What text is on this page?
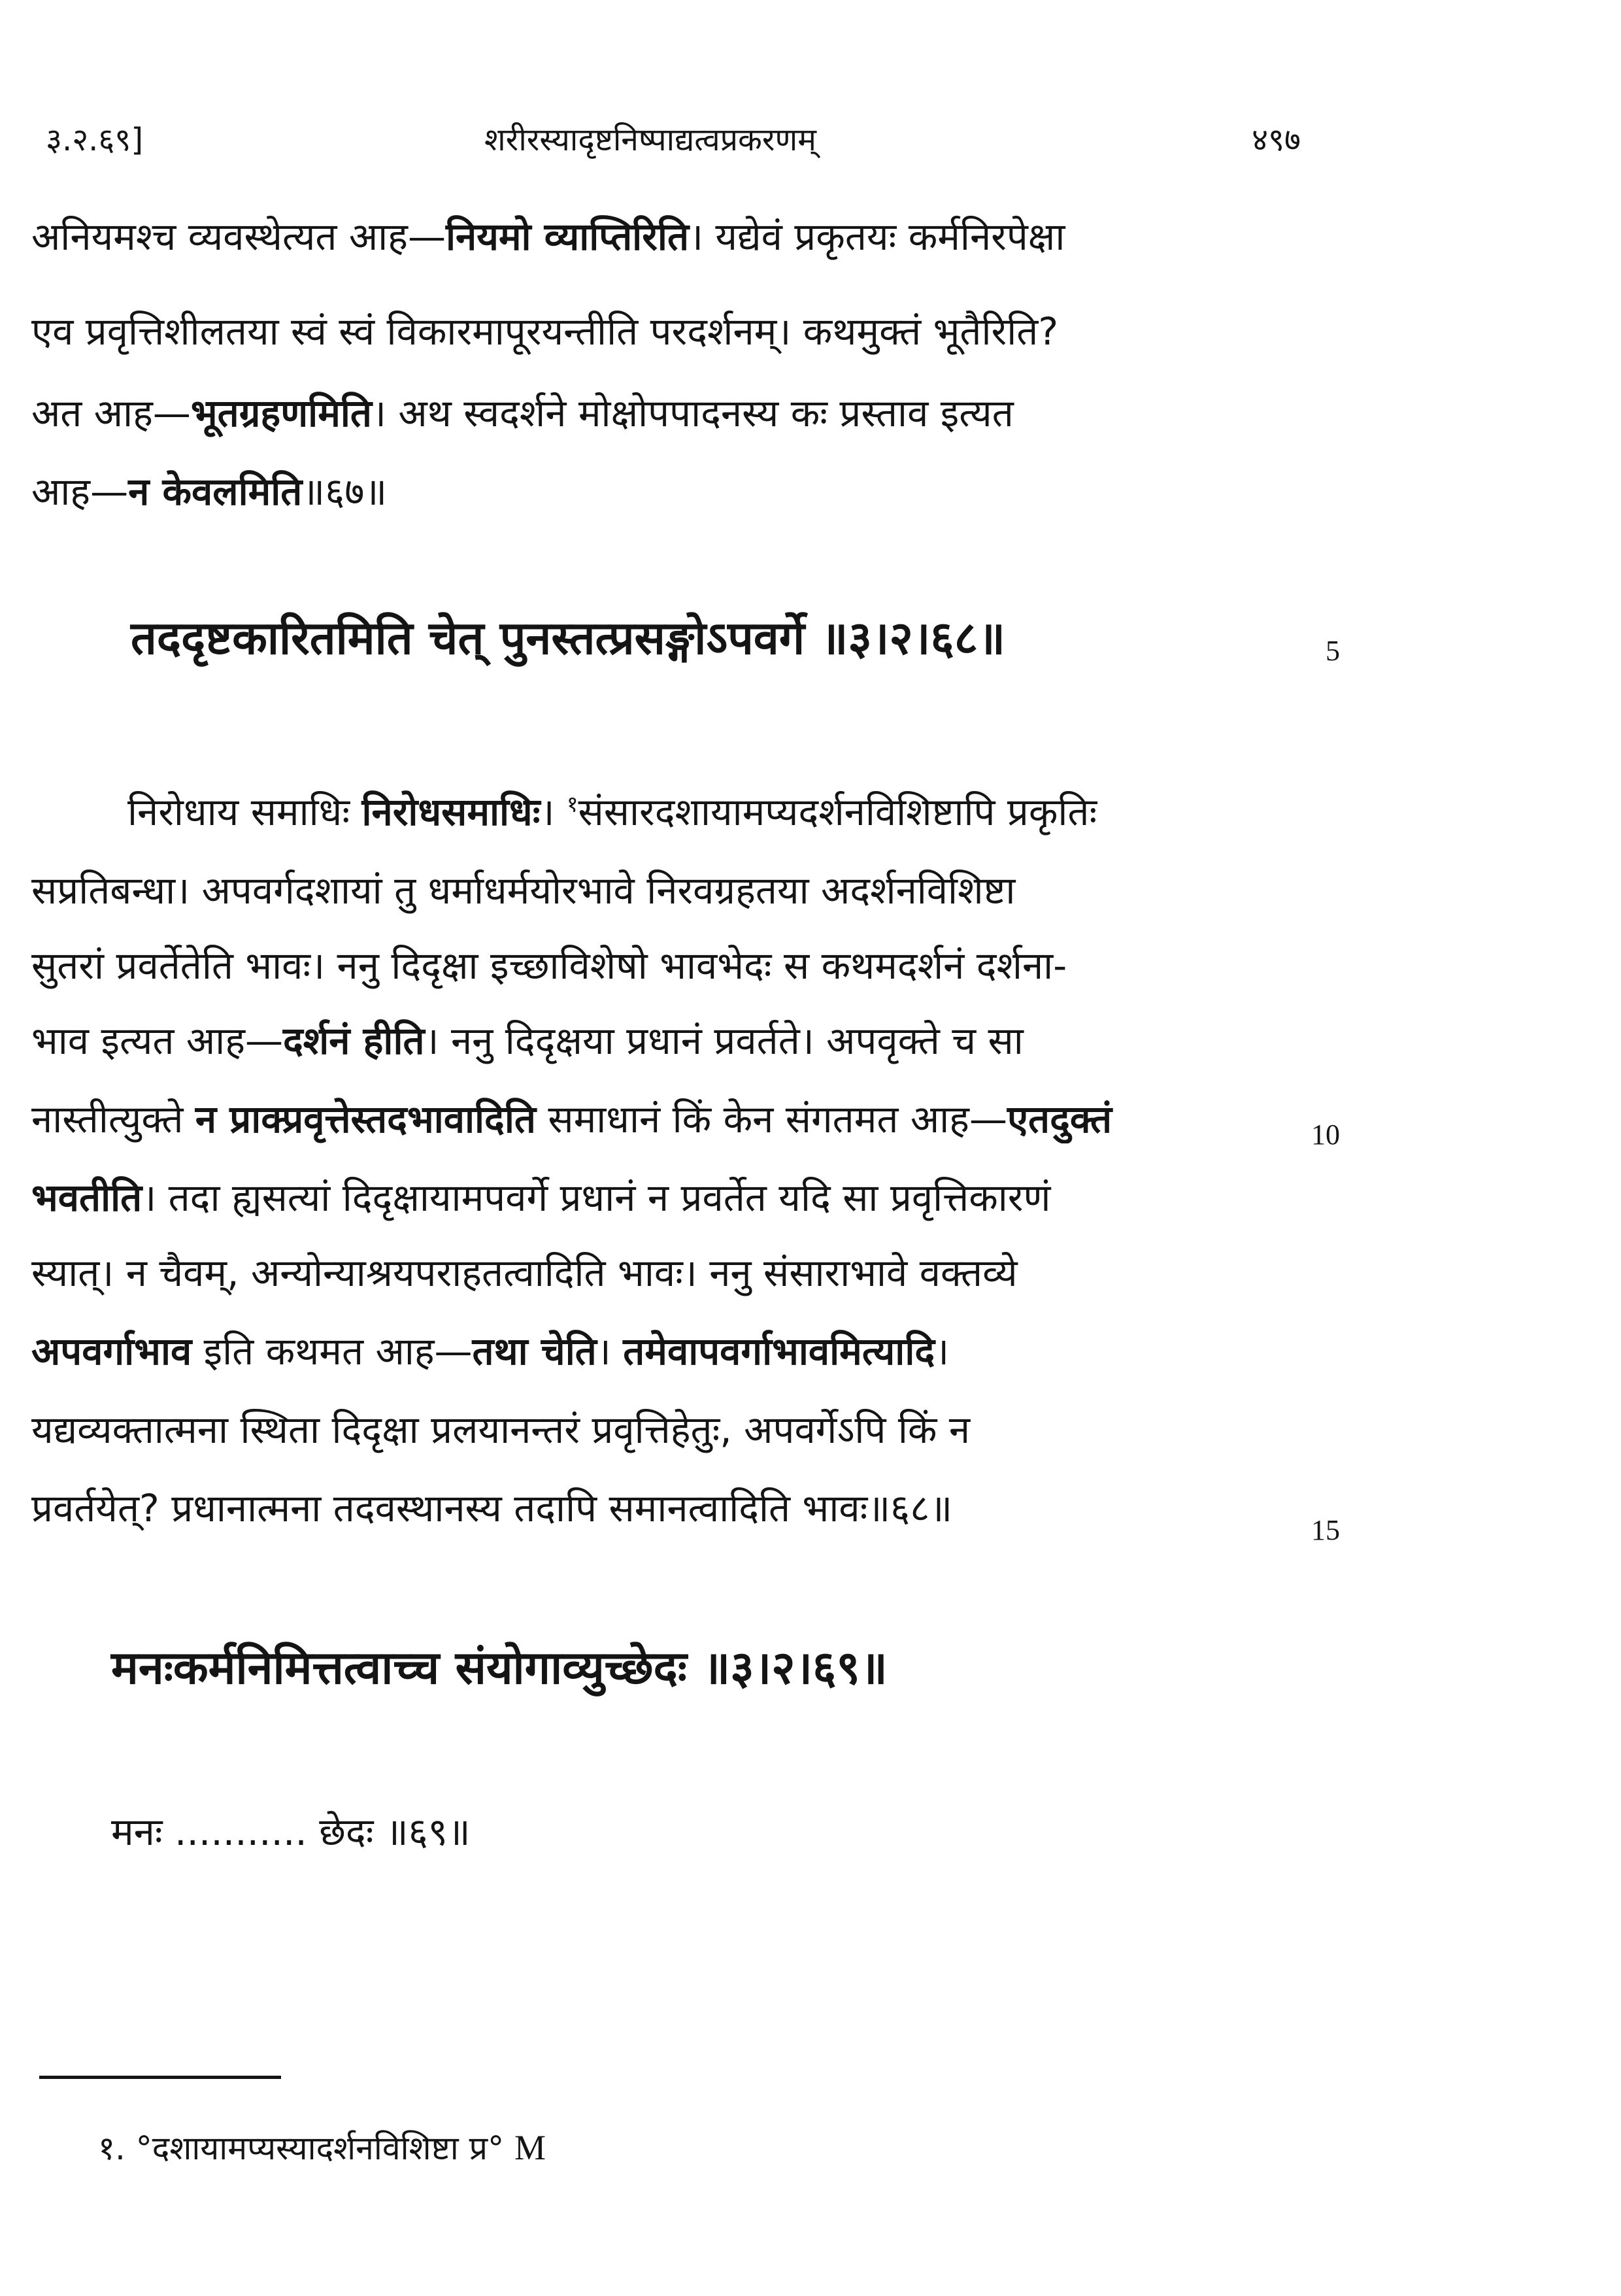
३.२.६९]	शरीरस्यादृष्टनिष्पाद्यत्वप्रकरणम्	४९७
अनियमश्च व्यवस्थेत्यत आह—नियमो व्याप्तिरिति। यद्येवं प्रकृतयः कर्मनिरपेक्षा
एव प्रवृत्तिशीलतया स्वं स्वं विकारमापूरयन्तीति परदर्शनम्। कथमुक्तं भूतैरिति?
अत आह—भूतग्रहणमिति। अथ स्वदर्शने मोक्षोपपादनस्य कः प्रस्ताव इत्यत
आह—न केवलमिति॥६७॥
तददृष्टकारितमिति चेत् पुनस्तत्प्रसङ्गोऽपवर्गे ॥३।२।६८॥	5
निरोधाय समाधिः निरोधसमाधिः। $^१$संसारदशायामप्यदर्शनविशिष्टापि प्रकृतिः
सप्रतिबन्धा। अपवर्गदशायां तु धर्माधर्मयोरभावे निरवग्रहतया अदर्शनविशिष्टा
सुतरां प्रवर्तेतेति भावः। ननु दिदृक्षा इच्छाविशेषो भावभेदः स कथमदर्शनं दर्शना-
भाव इत्यत आह—दर्शनं हीति। ननु दिदृक्षया प्रधानं प्रवर्तते। अपवृक्ते च सा
नास्तीत्युक्ते न प्राक्प्रवृत्तेस्तदभावादिति समाधानं किं केन संगतमत आह—एतदुक्तं	10
भवतीति। तदा ह्यसत्यां दिदृक्षायामपवर्गे प्रधानं न प्रवर्तेत यदि सा प्रवृत्तिकारणं
स्यात्। न चैवम्, अन्योन्याश्रयपराहतत्वादिति भावः। ननु संसाराभावे वक्तव्ये
अपवर्गाभाव इति कथमत आह—तथा चेति। तमेवापवर्गाभावमित्यादि।
यद्यव्यक्तात्मना स्थिता दिदृक्षा प्रलयानन्तरं प्रवृत्तिहेतुः, अपवर्गेऽपि किं न
प्रवर्तयेत्? प्रधानात्मना तदवस्थानस्य तदापि समानत्वादिति भावः॥६८॥	15
मनःकर्मनिमित्तत्वाच्च संयोगाव्युच्छेदः ॥३।२।६९॥
मनः ........... छेदः ॥६९॥
१. °दशायामप्यस्यादर्शनविशिष्टा प्र° M
